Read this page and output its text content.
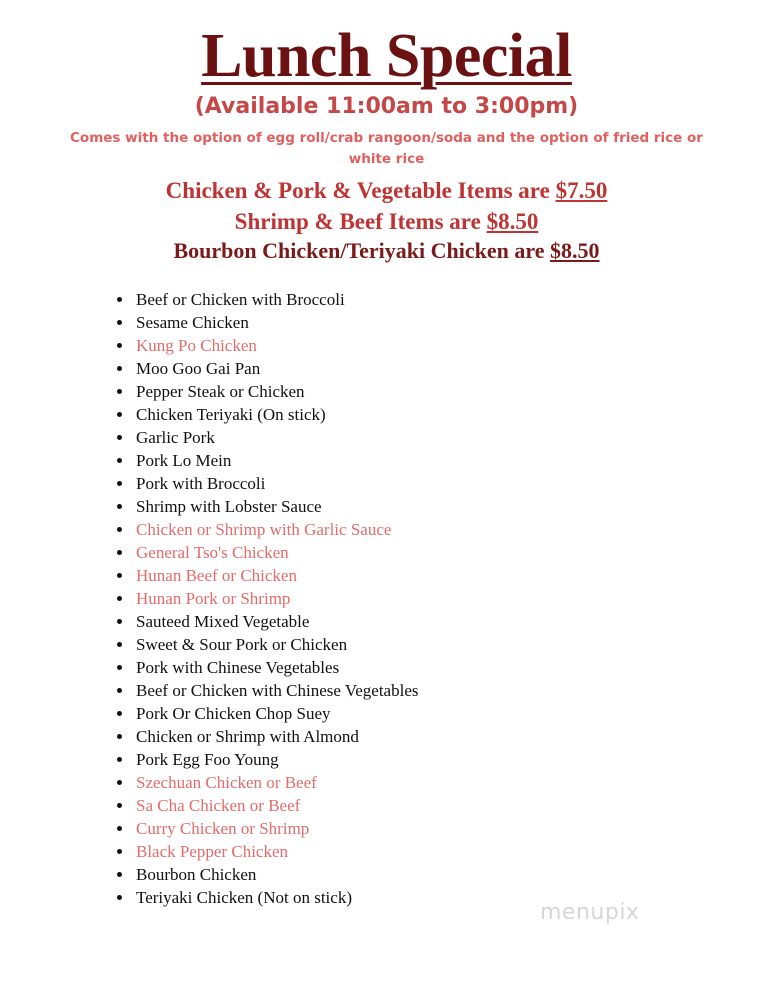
Lunch Special
(Available 11:00am to 3:00pm)
Comes with the option of egg roll/crab rangoon/soda and the option of fried rice or white rice
Chicken & Pork & Vegetable Items are $7.50
Shrimp & Beef Items are $8.50
Bourbon Chicken/Teriyaki Chicken are $8.50
Beef or Chicken with Broccoli
Sesame Chicken
Kung Po Chicken
Moo Goo Gai Pan
Pepper Steak or Chicken
Chicken Teriyaki (On stick)
Garlic Pork
Pork Lo Mein
Pork with Broccoli
Shrimp with Lobster Sauce
Chicken or Shrimp with Garlic Sauce
General Tso's Chicken
Hunan Beef or Chicken
Hunan Pork or Shrimp
Sauteed Mixed Vegetable
Sweet & Sour Pork or Chicken
Pork with Chinese Vegetables
Beef or Chicken with Chinese Vegetables
Pork Or Chicken Chop Suey
Chicken or Shrimp with Almond
Pork Egg Foo Young
Szechuan Chicken or Beef
Sa Cha Chicken or Beef
Curry Chicken or Shrimp
Black Pepper Chicken
Bourbon Chicken
Teriyaki Chicken (Not on stick)
menupix
